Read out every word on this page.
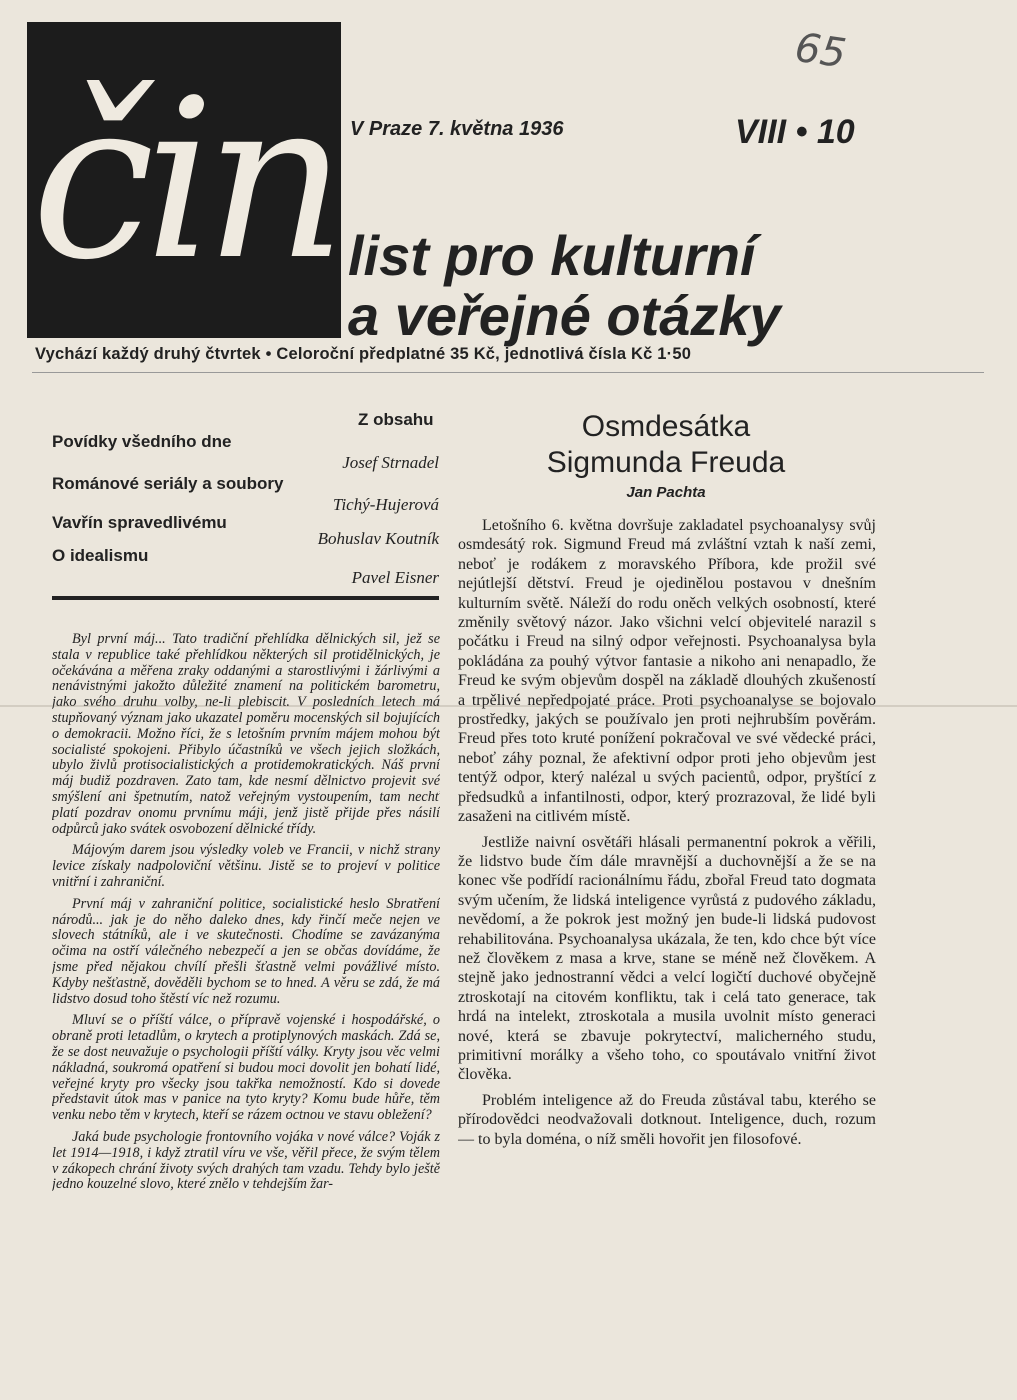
čin
65
V Praze 7. května 1936	VIII • 10
list pro kulturní
a veřejné otázky
Vychází každý druhý čtvrtek • Celoroční předplatné 35 Kč, jednotlivá čísla Kč 1·50
Z obsahu
Povídky všedního dne
Josef Strnadel
Románové seriály a soubory
Tichý-Hujerová
Vavřín spravedlivému
Bohuslav Koutník
O idealismu
Pavel Eisner

Byl první máj... Tato tradiční přehlídka dělnických sil, jež se stala v republice také přehlídkou některých sil protidělnických, je očekávána a měřena zraky oddanými a starostlivými i žárlivými a nenávistnými jakožto důležité znamení na politickém barometru, jako svého druhu volby, ne-li plebiscit. V posledních letech má stupňovaný význam jako ukazatel poměru mocenských sil bojujících o demokracii. Možno říci, že s letošním prvním májem mohou být socialisté spokojeni. Přibylo účastníků ve všech jejich složkách, ubylo živlů protisocialistických a protidemokratických. Náš první máj budiž pozdraven. Zato tam, kde nesmí dělnictvo projevit své smýšlení ani špetnutím, natož veřejným vystoupením, tam nechť platí pozdrav onomu prvnímu máji, jenž jistě přijde přes násilí odpůrců jako svátek osvobození dělnické třídy.

Májovým darem jsou výsledky voleb ve Francii, v nichž strany levice získaly nadpoloviční většinu. Jistě se to projeví v politice vnitřní i zahraniční.

První máj v zahraniční politice, socialistické heslo Sbratření národů... jak je do něho daleko dnes, kdy řinčí meče nejen ve slovech státníků, ale i ve skutečnosti. Chodíme se zavázanýma očima na ostří válečného nebezpečí a jen se občas dovídáme, že jsme před nějakou chvílí přešli šťastně velmi povážlivé místo. Kdyby nešťastně, dověděli bychom se to hned. A věru se zdá, že má lidstvo dosud toho štěstí víc než rozumu.

Mluví se o příští válce, o přípravě vojenské i hospodářské, o obraně proti letadlům, o krytech a protiplynových maskách. Zdá se, že se dost neuvažuje o psychologii příští války. Kryty jsou věc velmi nákladná, soukromá opatření si budou moci dovolit jen bohatí lidé, veřejné kryty pro všecky jsou takřka nemožností. Kdo si dovede představit útok mas v panice na tyto kryty? Komu bude hůře, těm venku nebo těm v krytech, kteří se rázem octnou ve stavu obležení?

Jaká bude psychologie frontovního vojáka v nové válce? Voják z let 1914—1918, i když ztratil víru ve vše, věřil přece, že svým tělem v zákopech chrání životy svých drahých tam vzadu. Tehdy bylo ještě jedno kouzelné slovo, které znělo v tehdejším žar-

Osmdesátka
Sigmunda Freuda
Jan Pachta

Letošního 6. května dovršuje zakladatel psychoanalysy svůj osmdesátý rok. Sigmund Freud má zvláštní vztah k naší zemi, neboť je rodákem z moravského Příbora, kde prožil své nejútlejší dětství. Freud je ojedinělou postavou v dnešním kulturním světě. Náleží do rodu oněch velkých osobností, které změnily světový názor. Jako všichni velcí objevitelé narazil s počátku i Freud na silný odpor veřejnosti. Psychoanalysa byla pokládána za pouhý výtvor fantasie a nikoho ani nenapadlo, že Freud ke svým objevům dospěl na základě dlouhých zkušeností a trpělivé nepředpojaté práce. Proti psychoanalyse se bojovalo prostředky, jakých se používalo jen proti nejhrubším pověrám. Freud přes toto kruté ponížení pokračoval ve své vědecké práci, neboť záhy poznal, že afektivní odpor proti jeho objevům jest tentýž odpor, který nalézal u svých pacientů, odpor, pryštící z předsudků a infantilnosti, odpor, který prozrazoval, že lidé byli zasaženi na citlivém místě.

Jestliže naivní osvětáři hlásali permanentní pokrok a věřili, že lidstvo bude čím dále mravnější a duchovnější a že se na konec vše podřídí racionálnímu řádu, zbořal Freud tato dogmata svým učením, že lidská inteligence vyrůstá z pudového základu, nevědomí, a že pokrok jest možný jen bude-li lidská pudovost rehabilitována. Psychoanalysa ukázala, že ten, kdo chce být více než člověkem z masa a krve, stane se méně než člověkem. A stejně jako jednostranní vědci a velcí logičtí duchové obyčejně ztroskotají na citovém konfliktu, tak i celá tato generace, tak hrdá na intelekt, ztroskotala a musila uvolnit místo generaci nové, která se zbavuje pokrytectví, malicherného studu, primitivní morálky a všeho toho, co spoutávalo vnitřní život člověka.

Problém inteligence až do Freuda zůstával tabu, kterého se přírodovědci neodvažovali dotknout. Inteligence, duch, rozum — to byla doména, o níž směli hovořit jen filosofové.
